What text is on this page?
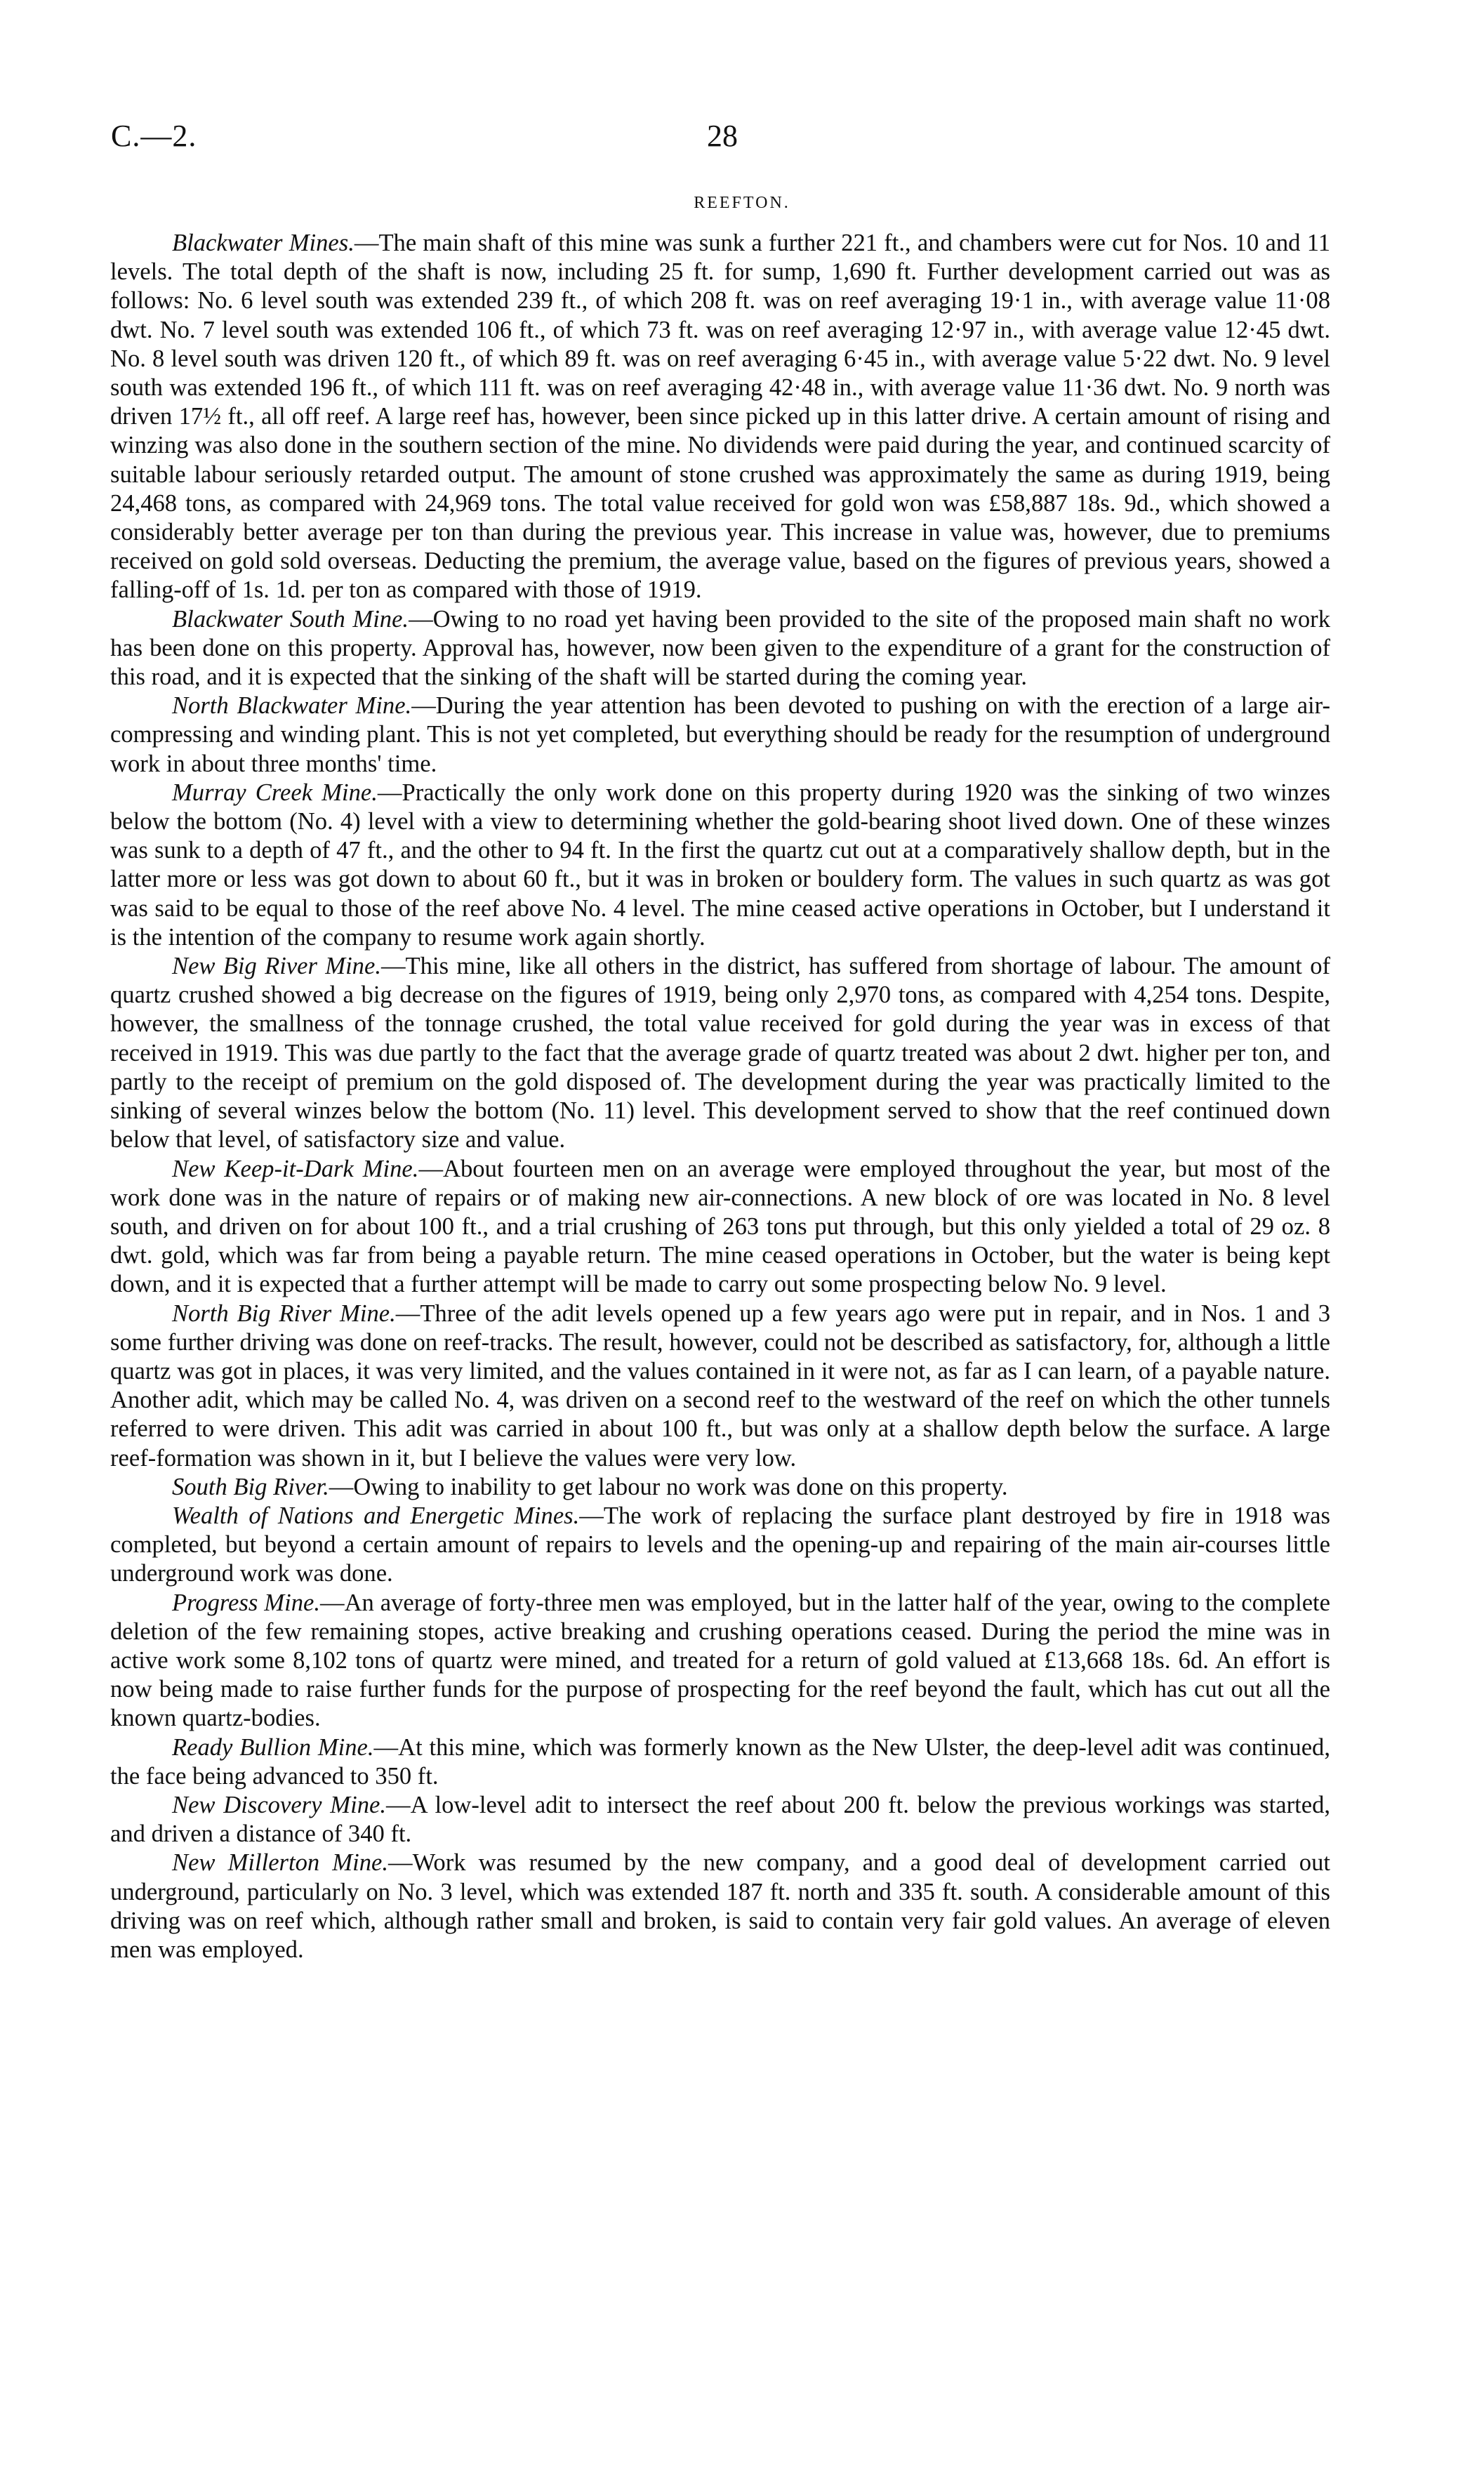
C.—2.	28
REEFTON.

Blackwater Mines.—The main shaft of this mine was sunk a further 221 ft., and chambers were cut for Nos. 10 and 11 levels. The total depth of the shaft is now, including 25 ft. for sump, 1,690 ft. Further development carried out was as follows: No. 6 level south was extended 239 ft., of which 208 ft. was on reef averaging 19·1 in., with average value 11·08 dwt. No. 7 level south was extended 106 ft., of which 73 ft. was on reef averaging 12·97 in., with average value 12·45 dwt. No. 8 level south was driven 120 ft., of which 89 ft. was on reef averaging 6·45 in., with average value 5·22 dwt. No. 9 level south was extended 196 ft., of which 111 ft. was on reef averaging 42·48 in., with average value 11·36 dwt. No. 9 north was driven 17½ ft., all off reef. A large reef has, however, been since picked up in this latter drive. A certain amount of rising and winzing was also done in the southern section of the mine. No dividends were paid during the year, and continued scarcity of suitable labour seriously retarded output. The amount of stone crushed was approximately the same as during 1919, being 24,468 tons, as compared with 24,969 tons. The total value received for gold won was £58,887 18s. 9d., which showed a considerably better average per ton than during the previous year. This increase in value was, however, due to premiums received on gold sold overseas. Deducting the premium, the average value, based on the figures of previous years, showed a falling-off of 1s. 1d. per ton as compared with those of 1919.

Blackwater South Mine.—Owing to no road yet having been provided to the site of the proposed main shaft no work has been done on this property. Approval has, however, now been given to the expenditure of a grant for the construction of this road, and it is expected that the sinking of the shaft will be started during the coming year.

North Blackwater Mine.—During the year attention has been devoted to pushing on with the erection of a large air-compressing and winding plant. This is not yet completed, but everything should be ready for the resumption of underground work in about three months' time.

Murray Creek Mine.—Practically the only work done on this property during 1920 was the sinking of two winzes below the bottom (No. 4) level with a view to determining whether the gold-bearing shoot lived down. One of these winzes was sunk to a depth of 47 ft., and the other to 94 ft. In the first the quartz cut out at a comparatively shallow depth, but in the latter more or less was got down to about 60 ft., but it was in broken or bouldery form. The values in such quartz as was got was said to be equal to those of the reef above No. 4 level. The mine ceased active operations in October, but I understand it is the intention of the company to resume work again shortly.

New Big River Mine.—This mine, like all others in the district, has suffered from shortage of labour. The amount of quartz crushed showed a big decrease on the figures of 1919, being only 2,970 tons, as compared with 4,254 tons. Despite, however, the smallness of the tonnage crushed, the total value received for gold during the year was in excess of that received in 1919. This was due partly to the fact that the average grade of quartz treated was about 2 dwt. higher per ton, and partly to the receipt of premium on the gold disposed of. The development during the year was practically limited to the sinking of several winzes below the bottom (No. 11) level. This development served to show that the reef continued down below that level, of satisfactory size and value.

New Keep-it-Dark Mine.—About fourteen men on an average were employed throughout the year, but most of the work done was in the nature of repairs or of making new air-connections. A new block of ore was located in No. 8 level south, and driven on for about 100 ft., and a trial crushing of 263 tons put through, but this only yielded a total of 29 oz. 8 dwt. gold, which was far from being a payable return. The mine ceased operations in October, but the water is being kept down, and it is expected that a further attempt will be made to carry out some prospecting below No. 9 level.

North Big River Mine.—Three of the adit levels opened up a few years ago were put in repair, and in Nos. 1 and 3 some further driving was done on reef-tracks. The result, however, could not be described as satisfactory, for, although a little quartz was got in places, it was very limited, and the values contained in it were not, as far as I can learn, of a payable nature. Another adit, which may be called No. 4, was driven on a second reef to the westward of the reef on which the other tunnels referred to were driven. This adit was carried in about 100 ft., but was only at a shallow depth below the surface. A large reef-formation was shown in it, but I believe the values were very low.

South Big River.—Owing to inability to get labour no work was done on this property.

Wealth of Nations and Energetic Mines.—The work of replacing the surface plant destroyed by fire in 1918 was completed, but beyond a certain amount of repairs to levels and the opening-up and repairing of the main air-courses little underground work was done.

Progress Mine.—An average of forty-three men was employed, but in the latter half of the year, owing to the complete deletion of the few remaining stopes, active breaking and crushing operations ceased. During the period the mine was in active work some 8,102 tons of quartz were mined, and treated for a return of gold valued at £13,668 18s. 6d. An effort is now being made to raise further funds for the purpose of prospecting for the reef beyond the fault, which has cut out all the known quartz-bodies.

Ready Bullion Mine.—At this mine, which was formerly known as the New Ulster, the deep-level adit was continued, the face being advanced to 350 ft.

New Discovery Mine.—A low-level adit to intersect the reef about 200 ft. below the previous workings was started, and driven a distance of 340 ft.

New Millerton Mine.—Work was resumed by the new company, and a good deal of development carried out underground, particularly on No. 3 level, which was extended 187 ft. north and 335 ft. south. A considerable amount of this driving was on reef which, although rather small and broken, is said to contain very fair gold values. An average of eleven men was employed.
